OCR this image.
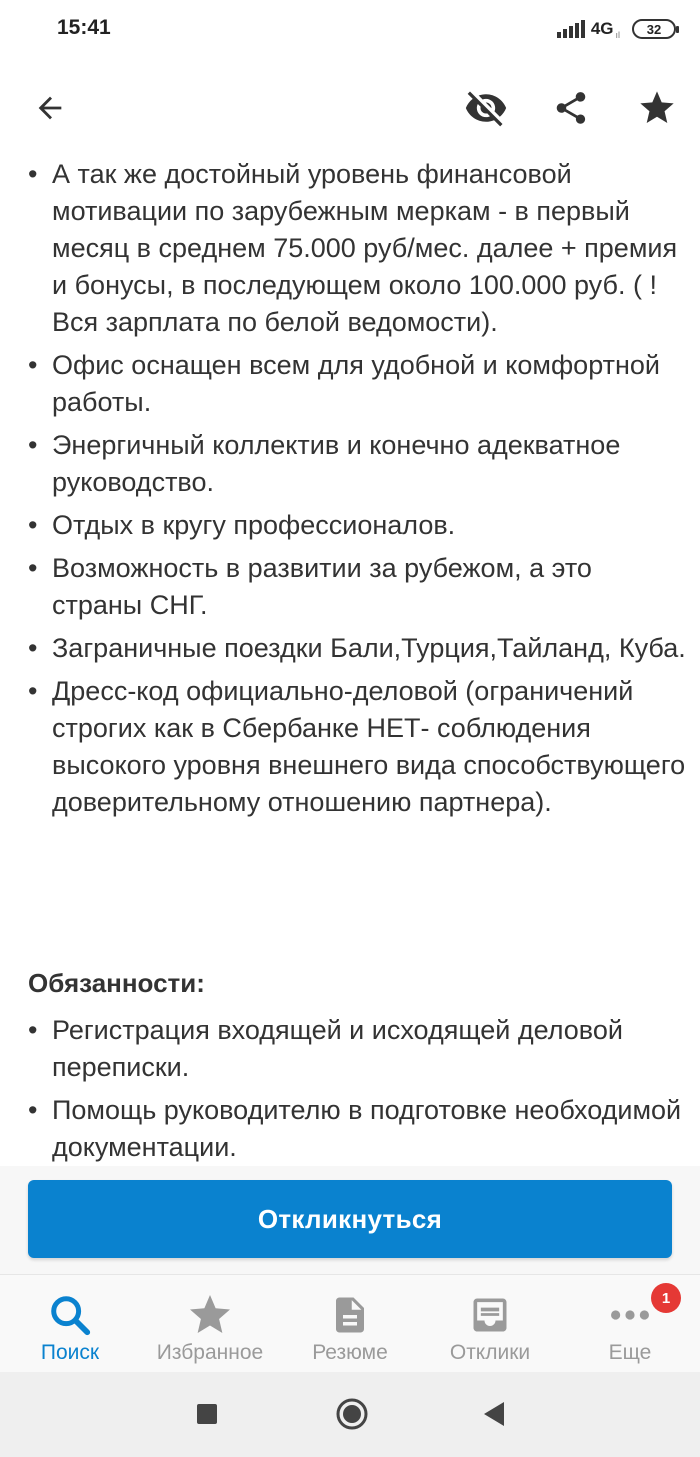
15:41	4G ıl 32
• А так же достойный уровень финансовой мотивации по зарубежным меркам - в первый месяц в среднем 75.000 руб/мес. далее + премия и бонусы, в последующем около 100.000 руб. ( ! Вся зарплата по белой ведомости).
• Офис оснащен всем для удобной и комфортной работы.
• Энергичный коллектив и конечно адекватное руководство.
• Отдых в кругу профессионалов.
• Возможность в развитии за рубежом, а это страны СНГ.
• Заграничные поездки Бали,Турция,Тайланд, Куба.
• Дресс-код официально-деловой (ограничений строгих как в Сбербанке НЕТ- соблюдения высокого уровня внешнего вида способствующего доверительному отношению партнера).
Обязанности:
• Регистрация входящей и исходящей деловой переписки.
• Помощь руководителю в подготовке необходимой документации.
Откликнуться
Поиск	Избранное Резюме	Отклики
1
Еще
